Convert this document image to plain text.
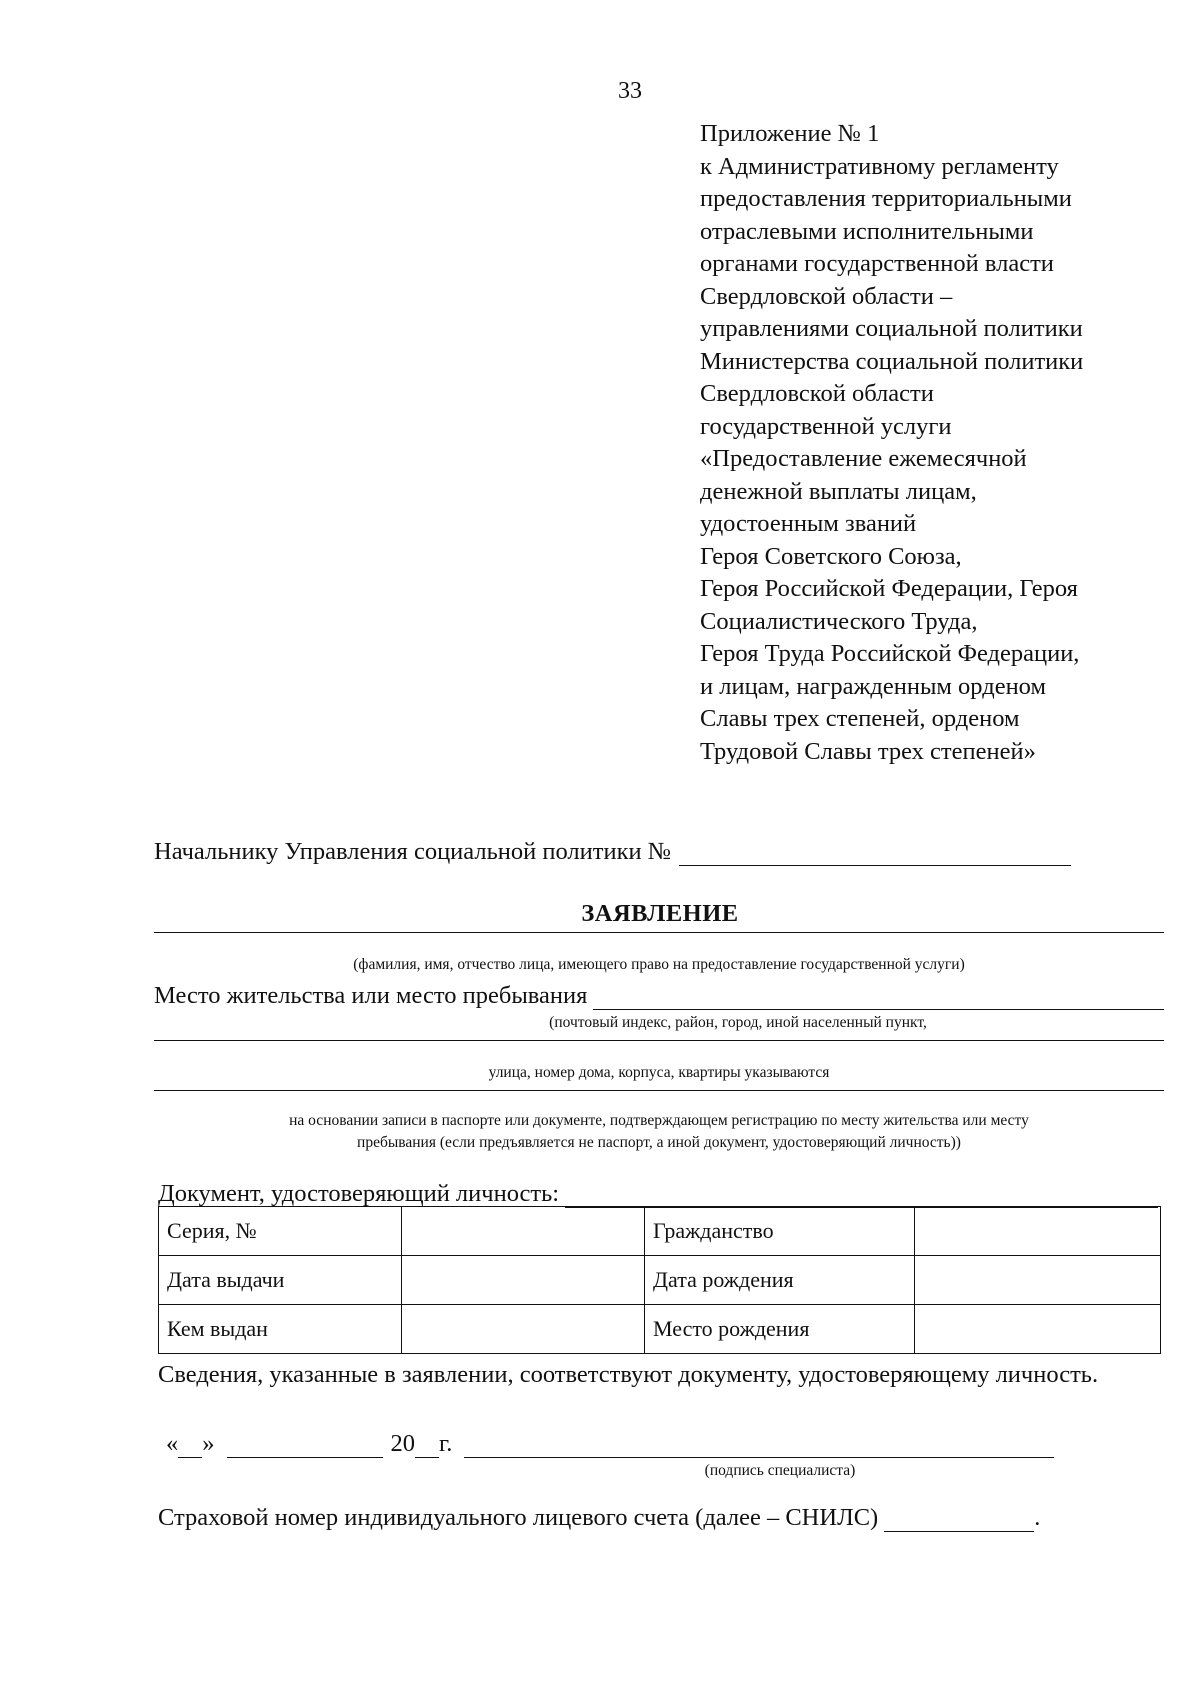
33
Приложение № 1
к Административному регламенту
предоставления территориальными
отраслевыми исполнительными
органами государственной власти
Свердловской области –
управлениями социальной политики
Министерства социальной политики
Свердловской области
государственной услуги
«Предоставление ежемесячной
денежной выплаты лицам,
удостоенным званий
Героя Советского Союза,
Героя Российской Федерации, Героя
Социалистического Труда,
Героя Труда Российской Федерации,
и лицам, награжденным орденом
Славы трех степеней, орденом
Трудовой Славы трех степеней»
Начальнику Управления социальной политики №
ЗАЯВЛЕНИЕ
(фамилия, имя, отчество лица, имеющего право на предоставление государственной услуги)
Место жительства или место пребывания
(почтовый индекс, район, город, иной населенный пункт,
улица, номер дома, корпуса, квартиры указываются
на основании записи в паспорте или документе, подтверждающем регистрацию по месту жительства или месту
пребывания (если предъявляется не паспорт, а иной документ, удостоверяющий личность))
Документ, удостоверяющий личность:
Серия, №		Гражданство	
Дата выдачи		Дата рождения	
Кем выдан		Место рождения	
Сведения, указанные в заявлении, соответствуют документу, удостоверяющему личность.
« »	20 г.
(подпись специалиста)
Страховой номер индивидуального лицевого счета (далее – СНИЛС)	.
